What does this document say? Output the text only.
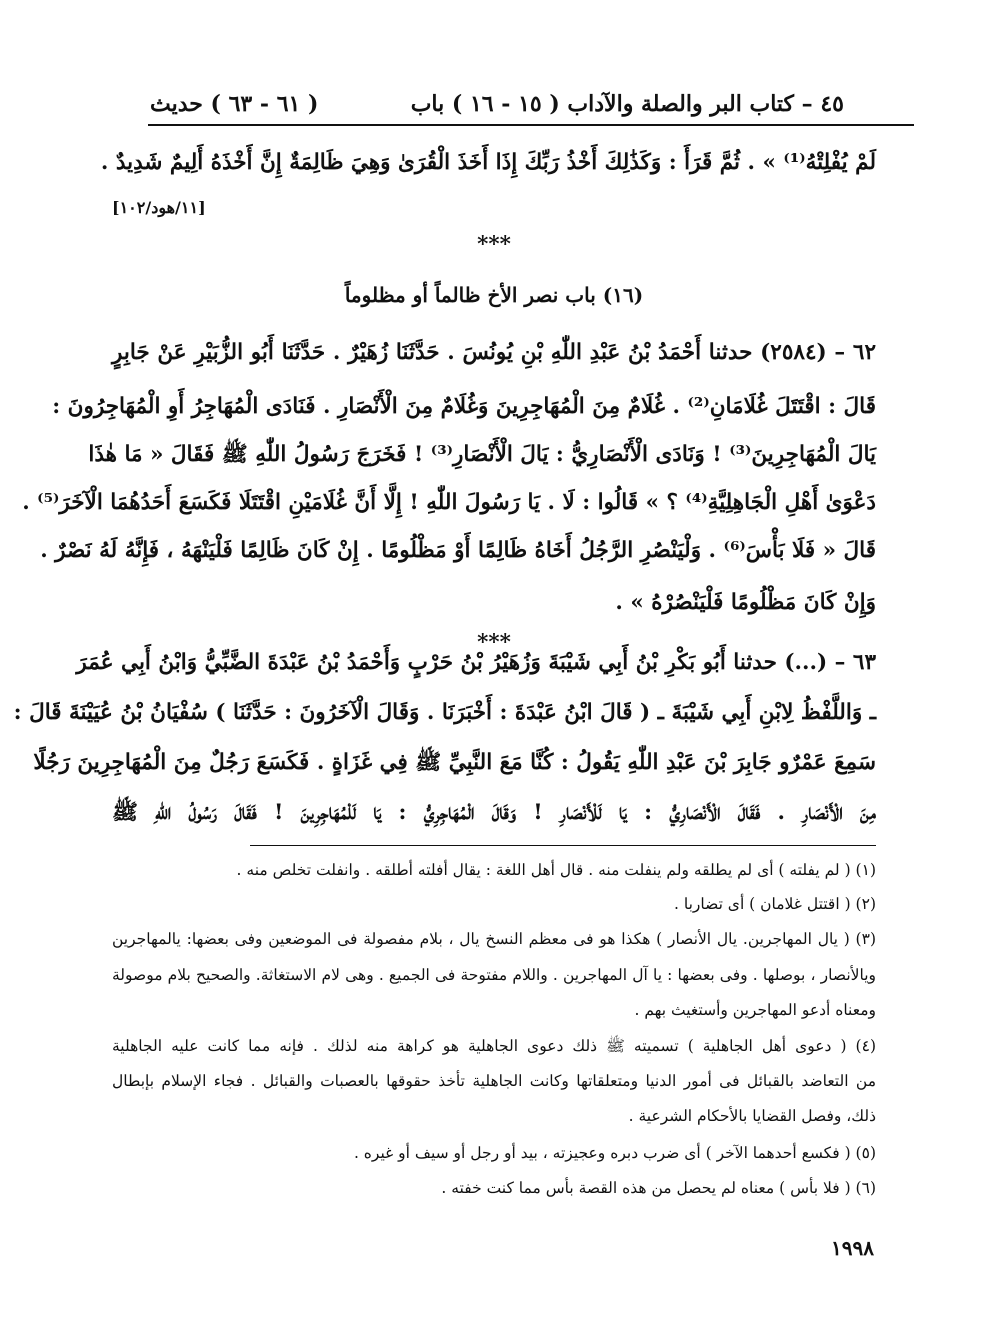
٤٥ – كتاب البر والصلة والآداب ( ١٥ - ١٦ ) باب
( ٦١ - ٦٣ ) حديث
لَمْ يُفْلِتْهُ⁽¹⁾ » . ثُمَّ قَرَأَ : وَكَذَٰلِكَ أَخْذُ رَبِّكَ إِذَا أَخَذَ الْقُرَىٰ وَهِيَ ظَالِمَةٌ إِنَّ أَخْذَهُ أَلِيمٌ شَدِيدٌ .
[١١/هود/١٠٢]
***
(١٦) باب نصر الأخ ظالماً أو مظلوماً
٦٢ – (٢٥٨٤) حدثنا أَحْمَدُ بْنُ عَبْدِ اللّٰهِ بْنِ يُونُسَ . حَدَّثَنَا زُهَيْرٌ . حَدَّثَنَا أَبُو الزُّبَيْرِ عَنْ جَابِرٍ
قَالَ : اقْتَتَلَ غُلَامَانِ⁽²⁾ . غُلَامٌ مِنَ الْمُهَاجِرِينَ وَغُلَامٌ مِنَ الْأَنْصَارِ . فَنَادَى الْمُهَاجِرُ أَوِ الْمُهَاجِرُونَ :
يَالَ الْمُهَاجِرِينَ⁽³⁾ ! وَنَادَى الْأَنْصَارِيُّ : يَالَ الْأَنْصَارِ⁽³⁾ ! فَخَرَجَ رَسُولُ اللّٰهِ ﷺ فَقَالَ « مَا هٰذَا
دَعْوَىٰ أَهْلِ الْجَاهِلِيَّةِ⁽⁴⁾ ؟ » قَالُوا : لَا . يَا رَسُولَ اللّٰهِ ! إِلَّا أَنَّ غُلَامَيْنِ اقْتَتَلَا فَكَسَعَ أَحَدُهُمَا الْآخَرَ⁽⁵⁾ .
قَالَ « فَلَا بَأْسَ⁽⁶⁾ . وَلْيَنْصُرِ الرَّجُلُ أَخَاهُ ظَالِمًا أَوْ مَظْلُومًا . إِنْ كَانَ ظَالِمًا فَلْيَنْهَهُ ، فَإِنَّهُ لَهُ نَصْرٌ .
وَإِنْ كَانَ مَظْلُومًا فَلْيَنْصُرْهُ » .
***
٦٣ – (...) حدثنا أَبُو بَكْرِ بْنُ أَبِي شَيْبَةَ وَزُهَيْرُ بْنُ حَرْبٍ وَأَحْمَدُ بْنُ عَبْدَةَ الضَّبِّيُّ وَابْنُ أَبِي عُمَرَ
ـ وَاللَّفْظُ لِابْنِ أَبِي شَيْبَةَ ـ ( قَالَ ابْنُ عَبْدَةَ : أَخْبَرَنَا . وَقَالَ الْآخَرُونَ : حَدَّثَنَا ) سُفْيَانُ بْنُ عُيَيْنَةَ قَالَ :
سَمِعَ عَمْرٌو جَابِرَ بْنَ عَبْدِ اللّٰهِ يَقُولُ : كُنَّا مَعَ النَّبِيِّ ﷺ فِي غَزَاةٍ . فَكَسَعَ رَجُلٌ مِنَ الْمُهَاجِرِينَ رَجُلًا
مِنَ الْأَنْصَارِ . فَقَالَ الْأَنْصَارِيُّ : يَا لَلْأَنْصَارِ ! وَقَالَ الْمُهَاجِرِيُّ : يَا لَلْمُهَاجِرِينَ ! فَقَالَ رَسُولُ اللّٰهِ ﷺ
(١) ( لم يفلته ) أى لم يطلقه ولم ينفلت منه . قال أهل اللغة : يقال أفلته أطلقه . وانفلت تخلص منه .
(٢) ( اقتتل غلامان ) أى تضاربا .
(٣) ( يال المهاجرين. يال الأنصار ) هكذا هو فى معظم النسخ يال ، بلام مفصولة فى الموضعين وفى بعضها: يالمهاجرين
ويالأنصار ، بوصلها . وفى بعضها : يا آل المهاجرين . واللام مفتوحة فى الجميع . وهى لام الاستغاثة. والصحيح بلام موصولة
ومعناه أدعو المهاجرين وأستغيث بهم .
(٤) ( دعوى أهل الجاهلية ) تسميته ﷺ ذلك دعوى الجاهلية هو كراهة منه لذلك . فإنه مما كانت عليه الجاهلية
من التعاضد بالقبائل فى أمور الدنيا ومتعلقاتها وكانت الجاهلية تأخذ حقوقها بالعصبات والقبائل . فجاء الإسلام بإبطال
ذلك، وفصل القضايا بالأحكام الشرعية .
(٥) ( فكسع أحدهما الآخر ) أى ضرب دبره وعجيزته ، بيد أو رجل أو سيف أو غيره .
(٦) ( فلا بأس ) معناه لم يحصل من هذه القصة بأس مما كنت خفته .
١٩٩٨
